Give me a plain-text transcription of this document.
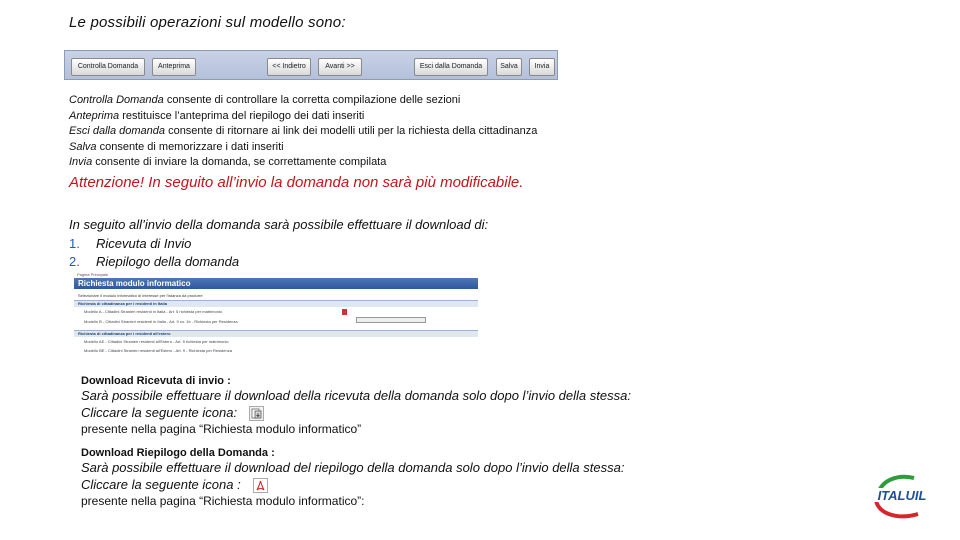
Le possibili operazioni sul modello sono:
Controlla Domanda	Anteprima	<< Indietro	Avanti >>	Esci dalla Domanda	Salva	Invia
Controlla Domanda consente di controllare la corretta compilazione delle sezioni
Anteprima restituisce l’anteprima del riepilogo dei dati inseriti
Esci dalla domanda consente di ritornare ai link dei modelli utili per la richiesta della cittadinanza
Salva consente di memorizzare i dati inseriti
Invia consente di inviare la domanda, se correttamente compilata
Attenzione! In seguito all’invio la domanda non sarà più modificabile.
In seguito all’invio della domanda sarà possibile effettuare il download di:
1. Ricevuta di Invio
2. Riepilogo della domanda
Pagina Principale
Richiesta modulo informatico
Selezionare il modulo informatico di interesse per l'istanza da produrre
Richiesta di cittadinanza per i residenti in Italia
Modello A - Cittadini Stranieri residenti in Italia - Art. 5 richiesta per matrimonio
Modello B - Cittadini Stranieri residenti in Italia - Art. 9 co. 1b - Richiesta per Residenza
Richiesta di cittadinanza per i residenti all'estero
Modello AE - Cittadini Stranieri residenti all'Estero - Art. 5 richiesta per matrimonio
Modello BE - Cittadini Stranieri residenti all'Estero - Art. 9 - Richiesta per Residenza
Download Ricevuta di invio :
Sarà possibile effettuare il download della ricevuta della domanda solo dopo l’invio della stessa:
Cliccare la seguente icona:
presente nella pagina “Richiesta modulo informatico”
Download Riepilogo della Domanda :
Sarà possibile effettuare il download del riepilogo della domanda solo dopo l’invio della stessa:
Cliccare la seguente icona :
presente nella pagina “Richiesta modulo informatico”:	ITALUIL
